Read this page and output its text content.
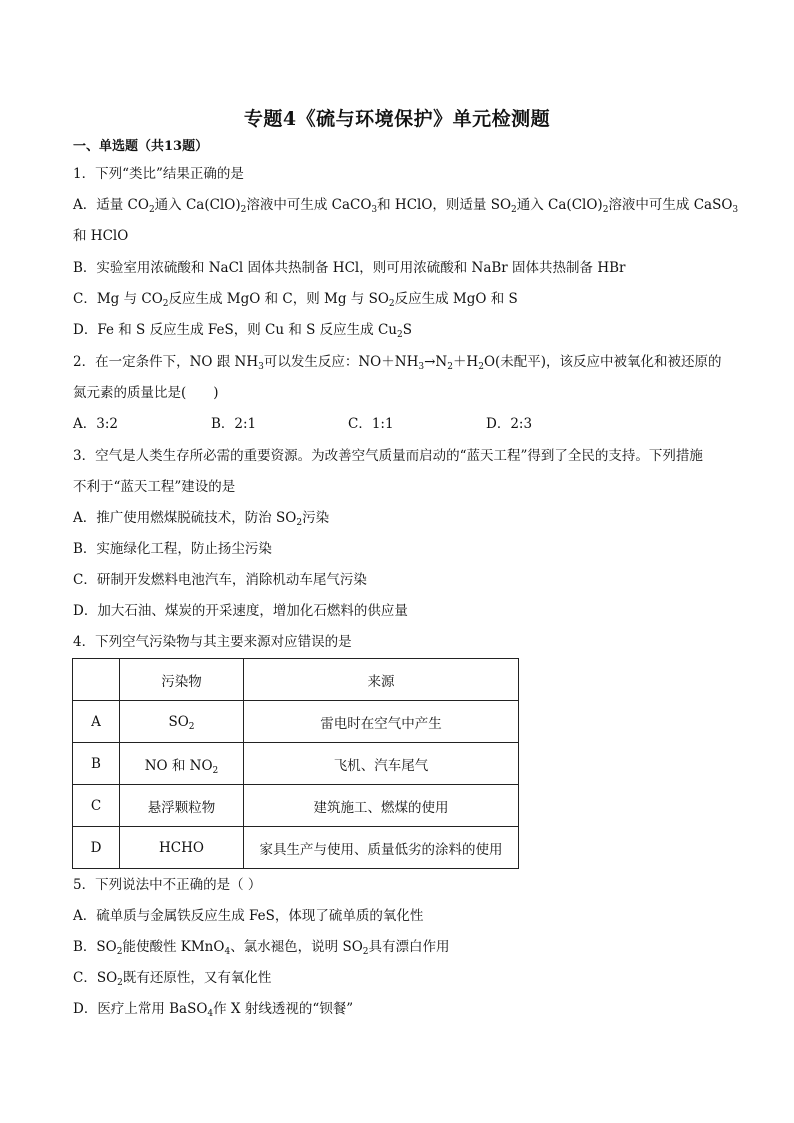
专题4《硫与环境保护》单元检测题
一、单选题（共13题）
1．下列“类比”结果正确的是
A．适量 $CO_2$通入 $Ca(ClO)_2$溶液中可生成 CaCO$_3$和 HClO，则适量 $SO_2$通入 $Ca(ClO)_2$溶液中可生成 CaSO$_3$
和 HClO
B．实验室用浓硫酸和 NaCl 固体共热制备 HCl，则可用浓硫酸和 NaBr 固体共热制备 HBr
C．Mg 与 $CO_2$反应生成 MgO 和 C，则 Mg 与 $SO_2$反应生成 MgO 和 S
D．Fe 和 S 反应生成 FeS，则 Cu 和 S 反应生成 $Cu_2S$
2．在一定条件下，NO 跟 $NH_3$可以发生反应：$NO+NH_3\to N_2+H_2O$(未配平)，该反应中被氧化和被还原的
氮元素的质量比是(　　)
A．3:2	B．2:1	C．1:1	D．2:3
3．空气是人类生存所必需的重要资源。为改善空气质量而启动的“蓝天工程”得到了全民的支持。下列措施
不利于“蓝天工程”建设的是
A．推广使用燃煤脱硫技术，防治 $SO_2$污染
B．实施绿化工程，防止扬尘污染
C．研制开发燃料电池汽车，消除机动车尾气污染
D．加大石油、煤炭的开采速度，增加化石燃料的供应量
4．下列空气污染物与其主要来源对应错误的是
	污染物	来源
A	$SO_2$	雷电时在空气中产生
B	NO 和 $NO_2$	飞机、汽车尾气
C	悬浮颗粒物	建筑施工、燃煤的使用
D	HCHO	家具生产与使用、质量低劣的涂料的使用
5．下列说法中不正确的是（ ）
A．硫单质与金属铁反应生成 FeS，体现了硫单质的氧化性
B．$SO_2$能使酸性 KMnO$_4$、氯水褪色，说明 $SO_2$具有漂白作用
C．$SO_2$既有还原性，又有氧化性
D．医疗上常用 BaSO$_4$作 X 射线透视的“钡餐”
